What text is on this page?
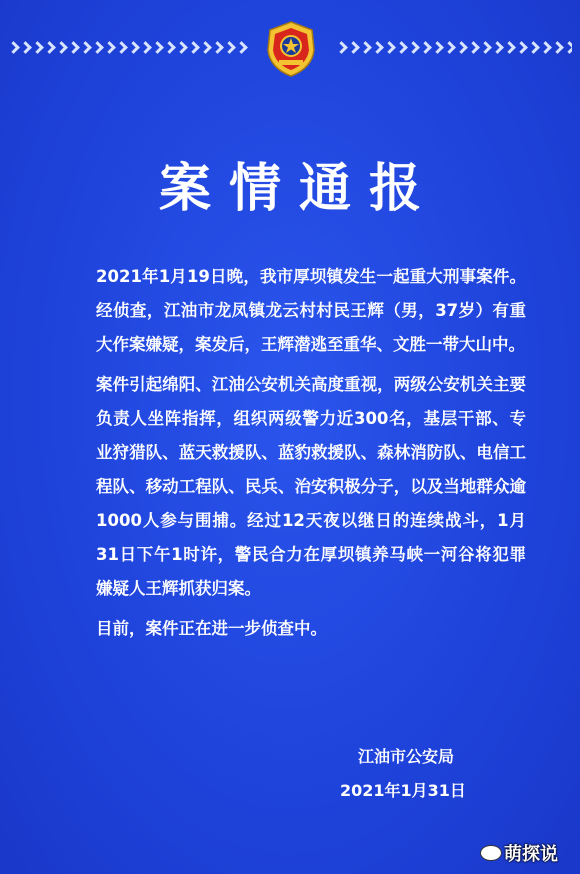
案情通报

2021年1月19日晚，我市厚坝镇发生一起重大刑事案件。经侦查，江油市龙凤镇龙云村村民王辉（男，37岁）有重大作案嫌疑，案发后，王辉潜逃至重华、文胜一带大山中。

案件引起绵阳、江油公安机关高度重视，两级公安机关主要负责人坐阵指挥，组织两级警力近300名，基层干部、专业狩猎队、蓝天救援队、蓝豹救援队、森林消防队、电信工程队、移动工程队、民兵、治安积极分子，以及当地群众逾1000人参与围捕。经过12天夜以继日的连续战斗，1月31日下午1时许，警民合力在厚坝镇养马峡一河谷将犯罪嫌疑人王辉抓获归案。

目前，案件正在进一步侦查中。

江油市公安局
2021年1月31日
萌探说
